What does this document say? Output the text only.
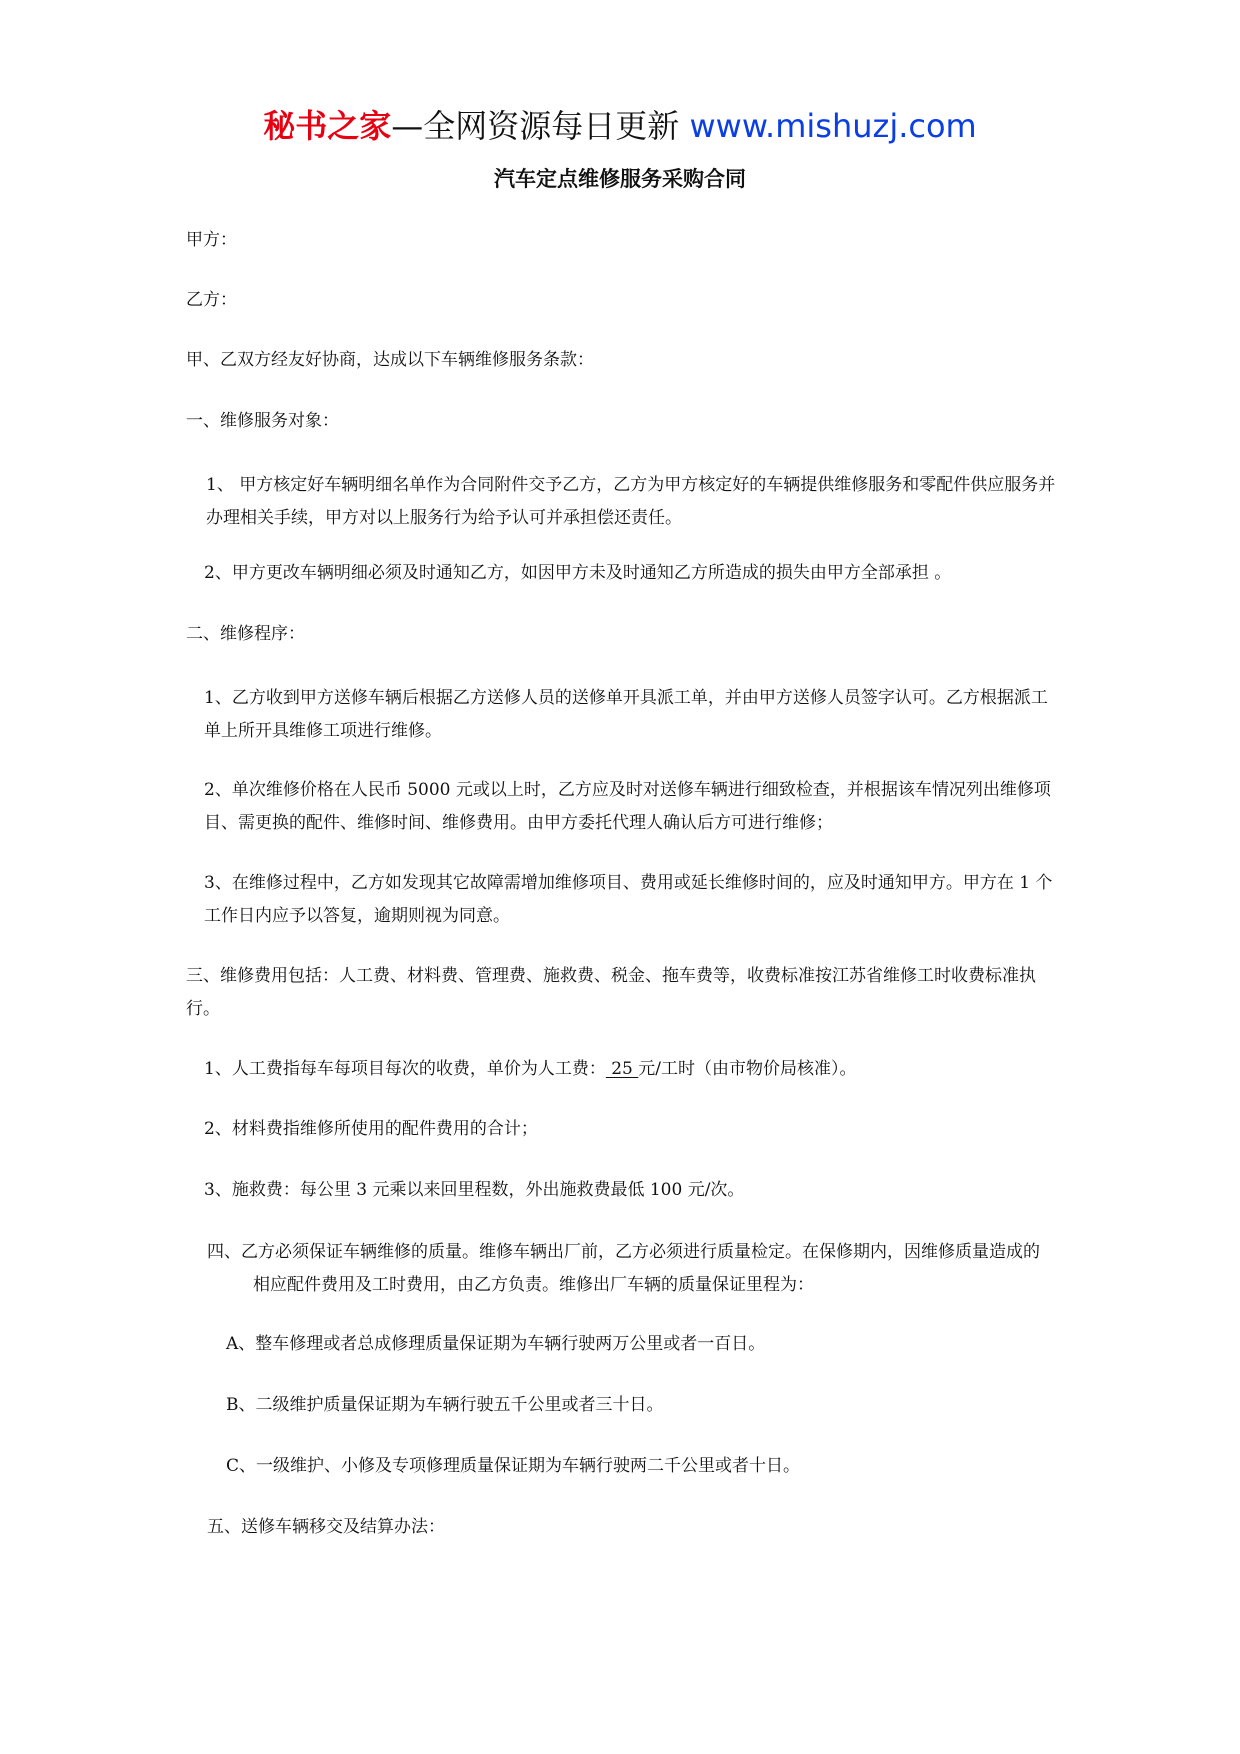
秘书之家—全网资源每日更新 www.mishuzj.com
汽车定点维修服务采购合同

甲方：

乙方：

甲、乙双方经友好协商，达成以下车辆维修服务条款：

一、维修服务对象：

1、 甲方核定好车辆明细名单作为合同附件交予乙方，乙方为甲方核定好的车辆提供维修服务和零配件供应服务并办理相关手续，甲方对以上服务行为给予认可并承担偿还责任。

2、甲方更改车辆明细必须及时通知乙方，如因甲方未及时通知乙方所造成的损失由甲方全部承担 。

二、维修程序：

1、乙方收到甲方送修车辆后根据乙方送修人员的送修单开具派工单，并由甲方送修人员签字认可。乙方根据派工单上所开具维修工项进行维修。

2、单次维修价格在人民币 5000 元或以上时，乙方应及时对送修车辆进行细致检查，并根据该车情况列出维修项目、需更换的配件、维修时间、维修费用。由甲方委托代理人确认后方可进行维修；

3、在维修过程中，乙方如发现其它故障需增加维修项目、费用或延长维修时间的，应及时通知甲方。甲方在 1 个工作日内应予以答复，逾期则视为同意。

三、维修费用包括：人工费、材料费、管理费、施救费、税金、拖车费等，收费标准按江苏省维修工时收费标准执行。

1、人工费指每车每项目每次的收费，单价为人工费： 25 元/工时（由市物价局核准）。

2、材料费指维修所使用的配件费用的合计；

3、施救费：每公里 3 元乘以来回里程数，外出施救费最低 100 元/次。

四、乙方必须保证车辆维修的质量。维修车辆出厂前，乙方必须进行质量检定。在保修期内，因维修质量造成的相应配件费用及工时费用，由乙方负责。维修出厂车辆的质量保证里程为：

A、整车修理或者总成修理质量保证期为车辆行驶两万公里或者一百日。

B、二级维护质量保证期为车辆行驶五千公里或者三十日。

C、一级维护、小修及专项修理质量保证期为车辆行驶两二千公里或者十日。

五、送修车辆移交及结算办法：
